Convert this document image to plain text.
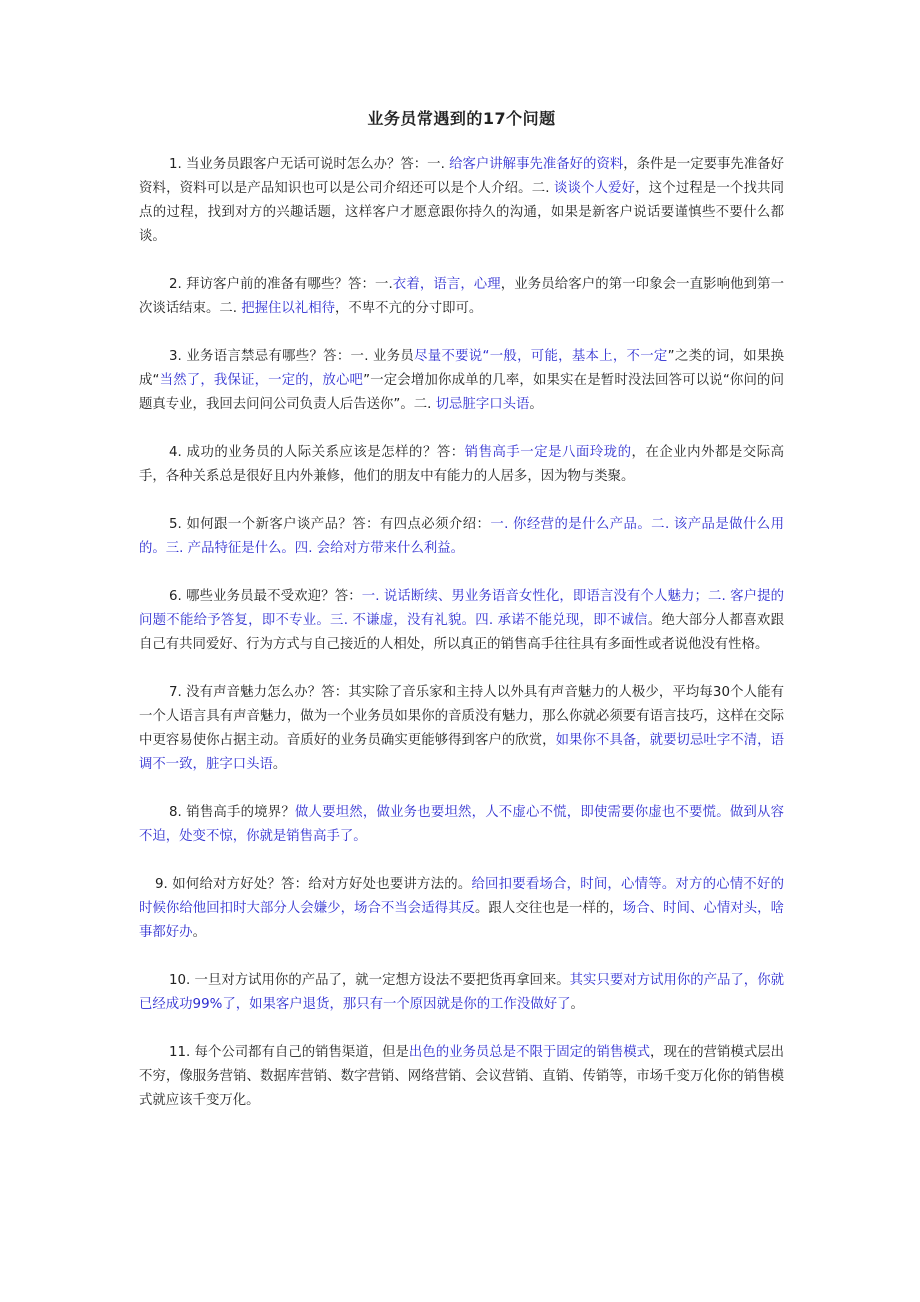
业务员常遇到的17个问题

1. 当业务员跟客户无话可说时怎么办？答：一. 给客户讲解事先准备好的资料，条件是一定要事先准备好资料，资料可以是产品知识也可以是公司介绍还可以是个人介绍。二. 谈谈个人爱好，这个过程是一个找共同点的过程，找到对方的兴趣话题，这样客户才愿意跟你持久的沟通，如果是新客户说话要谨慎些不要什么都谈。

2. 拜访客户前的准备有哪些？答：一.衣着，语言，心理，业务员给客户的第一印象会一直影响他到第一次谈话结束。二. 把握住以礼相待，不卑不亢的分寸即可。

3. 业务语言禁忌有哪些？答：一. 业务员尽量不要说“一般，可能，基本上，不一定”之类的词，如果换成“当然了，我保证，一定的，放心吧”一定会增加你成单的几率，如果实在是暂时没法回答可以说“你问的问题真专业，我回去问问公司负责人后告送你”。二. 切忌脏字口头语。

4. 成功的业务员的人际关系应该是怎样的？答：销售高手一定是八面玲珑的，在企业内外都是交际高手，各种关系总是很好且内外兼修，他们的朋友中有能力的人居多，因为物与类聚。

5. 如何跟一个新客户谈产品？答：有四点必须介绍：一. 你经营的是什么产品。二. 该产品是做什么用的。三. 产品特征是什么。四. 会给对方带来什么利益。

6. 哪些业务员最不受欢迎？答：一. 说话断续、男业务语音女性化，即语言没有个人魅力；二. 客户提的问题不能给予答复，即不专业。三. 不谦虚，没有礼貌。四. 承诺不能兑现，即不诚信。绝大部分人都喜欢跟自己有共同爱好、行为方式与自己接近的人相处，所以真正的销售高手往往具有多面性或者说他没有性格。

7. 没有声音魅力怎么办？答：其实除了音乐家和主持人以外具有声音魅力的人极少，平均每30个人能有一个人语言具有声音魅力，做为一个业务员如果你的音质没有魅力，那么你就必须要有语言技巧，这样在交际中更容易使你占据主动。音质好的业务员确实更能够得到客户的欣赏，如果你不具备，就要切忌吐字不清，语调不一致，脏字口头语。

8. 销售高手的境界？做人要坦然，做业务也要坦然，人不虚心不慌，即使需要你虚也不要慌。做到从容不迫，处变不惊，你就是销售高手了。

9. 如何给对方好处？答：给对方好处也要讲方法的。给回扣要看场合，时间，心情等。对方的心情不好的时候你给他回扣时大部分人会嫌少，场合不当会适得其反。跟人交往也是一样的，场合、时间、心情对头，啥事都好办。

10. 一旦对方试用你的产品了，就一定想方设法不要把货再拿回来。其实只要对方试用你的产品了，你就已经成功99%了，如果客户退货，那只有一个原因就是你的工作没做好了。

11. 每个公司都有自己的销售渠道，但是出色的业务员总是不限于固定的销售模式，现在的营销模式层出不穷，像服务营销、数据库营销、数字营销、网络营销、会议营销、直销、传销等，市场千变万化你的销售模式就应该千变万化。
